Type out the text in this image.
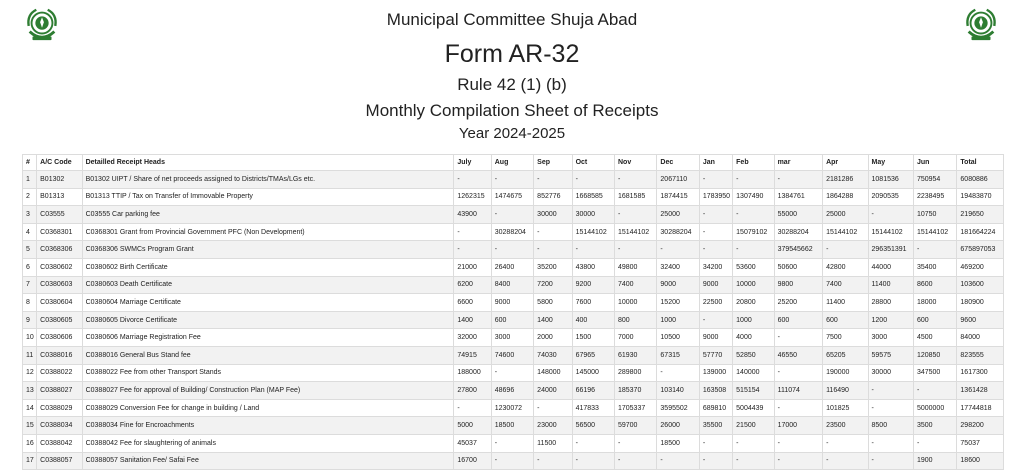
Municipal Committee Shuja Abad
Form AR-32
Rule 42 (1) (b)
Monthly Compilation Sheet of Receipts
Year 2024-2025
#	A/C Code	Detailled Receipt Heads	July	Aug	Sep	Oct	Nov	Dec	Jan	Feb	mar	Apr	May	Jun	Total
1	B01302	B01302 UIPT / Share of net proceeds assigned to Districts/TMAs/LGs etc.	-	-	-	-	-	2067110	-	-	-	2181286	1081536	750954	6080886
2	B01313	B01313 TTIP / Tax on Transfer of Immovable Property	1262315	1474675	852776	1668585	1681585	1874415	1783950	1307490	1384761	1864288	2090535	2238495	19483870
3	C03555	C03555 Car parking fee	43900	-	30000	30000	-	25000	-	-	55000	25000	-	10750	219650
4	C0368301	C0368301 Grant from Provincial Government PFC (Non Development)	-	30288204	-	15144102	15144102	30288204	-	15079102	30288204	15144102	15144102	15144102	181664224
5	C0368306	C0368306 SWMCs Program Grant	-	-	-	-	-	-	-	-	379545662	-	296351391	-	675897053
6	C0380602	C0380602 Birth Certificate	21000	26400	35200	43800	49800	32400	34200	53600	50600	42800	44000	35400	469200
7	C0380603	C0380603 Death Certificate	6200	8400	7200	9200	7400	9000	9000	10000	9800	7400	11400	8600	103600
8	C0380604	C0380604 Marriage Certificate	6600	9000	5800	7600	10000	15200	22500	20800	25200	11400	28800	18000	180900
9	C0380605	C0380605 Divorce Certificate	1400	600	1400	400	800	1000	-	1000	600	600	1200	600	9600
10	C0380606	C0380606 Marriage Registration Fee	32000	3000	2000	1500	7000	10500	9000	4000	-	7500	3000	4500	84000
11	C0388016	C0388016 General Bus Stand fee	74915	74600	74030	67965	61930	67315	57770	52850	46550	65205	59575	120850	823555
12	C0388022	C0388022 Fee from other Transport Stands	188000	-	148000	145000	289800	-	139000	140000	-	190000	30000	347500	1617300
13	C0388027	C0388027 Fee for approval of Building/ Construction Plan (MAP Fee)	27800	48696	24000	66196	185370	103140	163508	515154	111074	116490	-	-	1361428
14	C0388029	C0388029 Conversion Fee for change in building / Land	-	1230072	-	417833	1705337	3595502	689810	5004439	-	101825	-	5000000	17744818
15	C0388034	C0388034 Fine for Encroachments	5000	18500	23000	56500	59700	26000	35500	21500	17000	23500	8500	3500	298200
16	C0388042	C0388042 Fee for slaughtering of animals	45037	-	11500	-	-	18500	-	-	-	-	-	-	75037
17	C0388057	C0388057 Sanitation Fee/ Safai Fee	16700	-	-	-	-	-	-	-	-	-	-	1900	18600
